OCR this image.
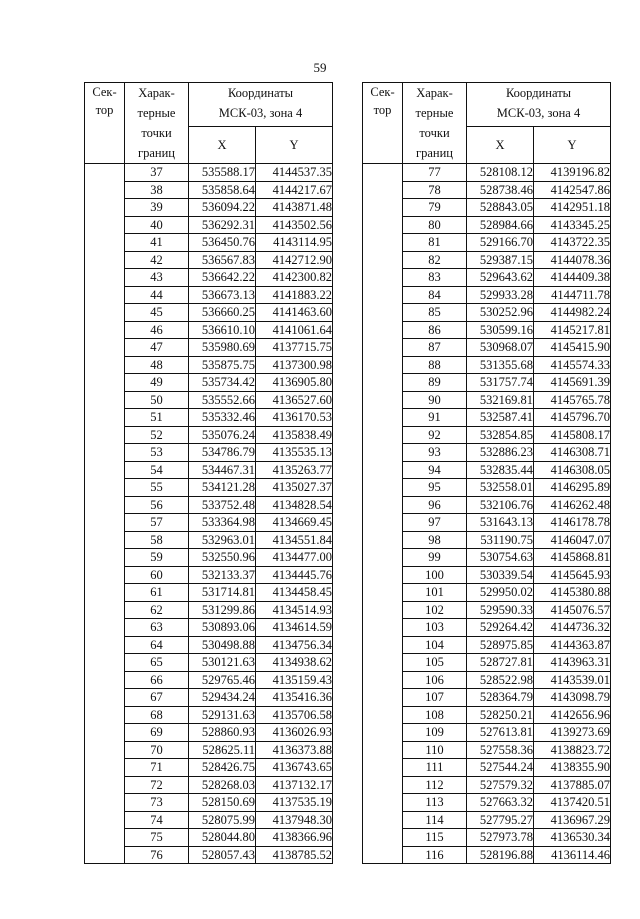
59
Сек-
тор	Харак-
терные
точки
границ	Координаты
МСК-03, зона 4	
		X	Y
	37	535588.17	4144537.35
	38	535858.64	4144217.67
	39	536094.22	4143871.48
	40	536292.31	4143502.56
	41	536450.76	4143114.95
	42	536567.83	4142712.90
	43	536642.22	4142300.82
	44	536673.13	4141883.22
	45	536660.25	4141463.60
	46	536610.10	4141061.64
	47	535980.69	4137715.75
	48	535875.75	4137300.98
	49	535734.42	4136905.80
	50	535552.66	4136527.60
	51	535332.46	4136170.53
	52	535076.24	4135838.49
	53	534786.79	4135535.13
	54	534467.31	4135263.77
	55	534121.28	4135027.37
	56	533752.48	4134828.54
	57	533364.98	4134669.45
	58	532963.01	4134551.84
	59	532550.96	4134477.00
	60	532133.37	4134445.76
	61	531714.81	4134458.45
	62	531299.86	4134514.93
	63	530893.06	4134614.59
	64	530498.88	4134756.34
	65	530121.63	4134938.62
	66	529765.46	4135159.43
	67	529434.24	4135416.36
	68	529131.63	4135706.58
	69	528860.93	4136026.93
	70	528625.11	4136373.88
	71	528426.75	4136743.65
	72	528268.03	4137132.17
	73	528150.69	4137535.19
	74	528075.99	4137948.30
	75	528044.80	4138366.96
	76	528057.43	4138785.52
Сек-
тор	Харак-
терные
точки
границ	Координаты
МСК-03, зона 4	
		X	Y
	77	528108.12	4139196.82
	78	528738.46	4142547.86
	79	528843.05	4142951.18
	80	528984.66	4143345.25
	81	529166.70	4143722.35
	82	529387.15	4144078.36
	83	529643.62	4144409.38
	84	529933.28	4144711.78
	85	530252.96	4144982.24
	86	530599.16	4145217.81
	87	530968.07	4145415.90
	88	531355.68	4145574.33
	89	531757.74	4145691.39
	90	532169.81	4145765.78
	91	532587.41	4145796.70
	92	532854.85	4145808.17
	93	532886.23	4146308.71
	94	532835.44	4146308.05
	95	532558.01	4146295.89
	96	532106.76	4146262.48
	97	531643.13	4146178.78
	98	531190.75	4146047.07
	99	530754.63	4145868.81
	100	530339.54	4145645.93
	101	529950.02	4145380.88
	102	529590.33	4145076.57
	103	529264.42	4144736.32
	104	528975.85	4144363.87
	105	528727.81	4143963.31
	106	528522.98	4143539.01
	107	528364.79	4143098.79
	108	528250.21	4142656.96
	109	527613.81	4139273.69
	110	527558.36	4138823.72
	111	527544.24	4138355.90
	112	527579.32	4137885.07
	113	527663.32	4137420.51
	114	527795.27	4136967.29
	115	527973.78	4136530.34
	116	528196.88	4136114.46
